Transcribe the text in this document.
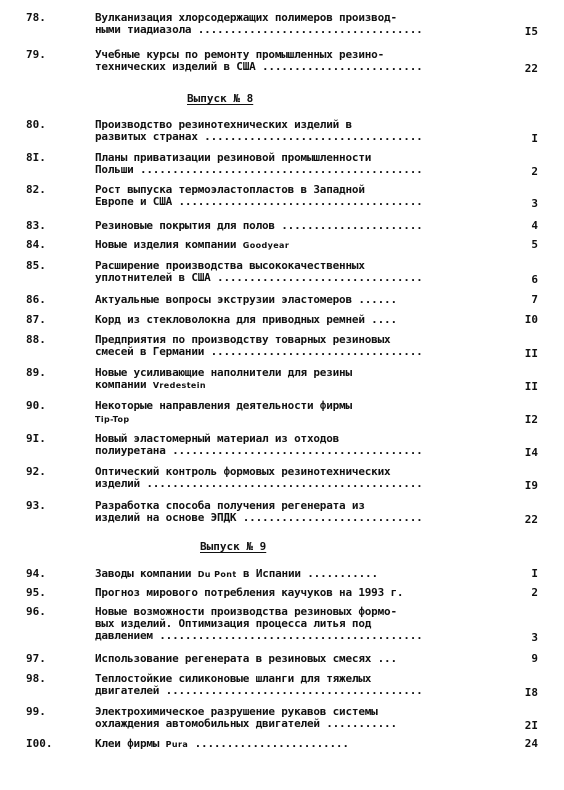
78.	Вулканизация хлорсодержащих полимеров производ-
ными тиадиазола ...................................	I5
79.	Учебные курсы по ремонту промышленных резино-
технических изделий в США .........................	22
Выпуск № 8
80.	Производство резинотехнических изделий в
развитых странах ..................................	I
8I.	Планы приватизации резиновой промышленности
Польши ............................................	2
82.	Рост выпуска термоэластопластов в Западной
Европе и США ......................................	3
83.	Резиновые покрытия для полов ......................	4
84.	Новые изделия компании Goodyear	5
85.	Расширение производства высококачественных
уплотнителей в США ................................	6
86.	Актуальные вопросы экструзии эластомеров ......	7
87.	Корд из стекловолокна для приводных ремней ....	I0
88.	Предприятия по производству товарных резиновых
смесей в Германии .................................	II
89.	Новые усиливающие наполнители для резины
компании Vredestein	II
90.	Некоторые направления деятельности фирмы
Tip-Top	I2
9I.	Новый эластомерный материал из отходов
полиуретана .......................................	I4
92.	Оптический контроль формовых резинотехнических
изделий ...........................................	I9
93.	Разработка способа получения регенерата из
изделий на основе ЭПДК ............................	22
Выпуск № 9
94.	Заводы компании Du Pont в Испании ...........	I
95.	Прогноз мирового потребления каучуков на 1993 г.	2
96.	Новые возможности производства резиновых формо-
вых изделий. Оптимизация процесса литья под
давлением .........................................	3
97.	Использование регенерата в резиновых смесях ...	9
98.	Теплостойкие силиконовые шланги для тяжелых
двигателей ........................................	I8
99.	Электрохимическое разрушение рукавов системы
охлаждения автомобильных двигателей ...........	2I
I00.	Клеи фирмы Pura ........................	24
